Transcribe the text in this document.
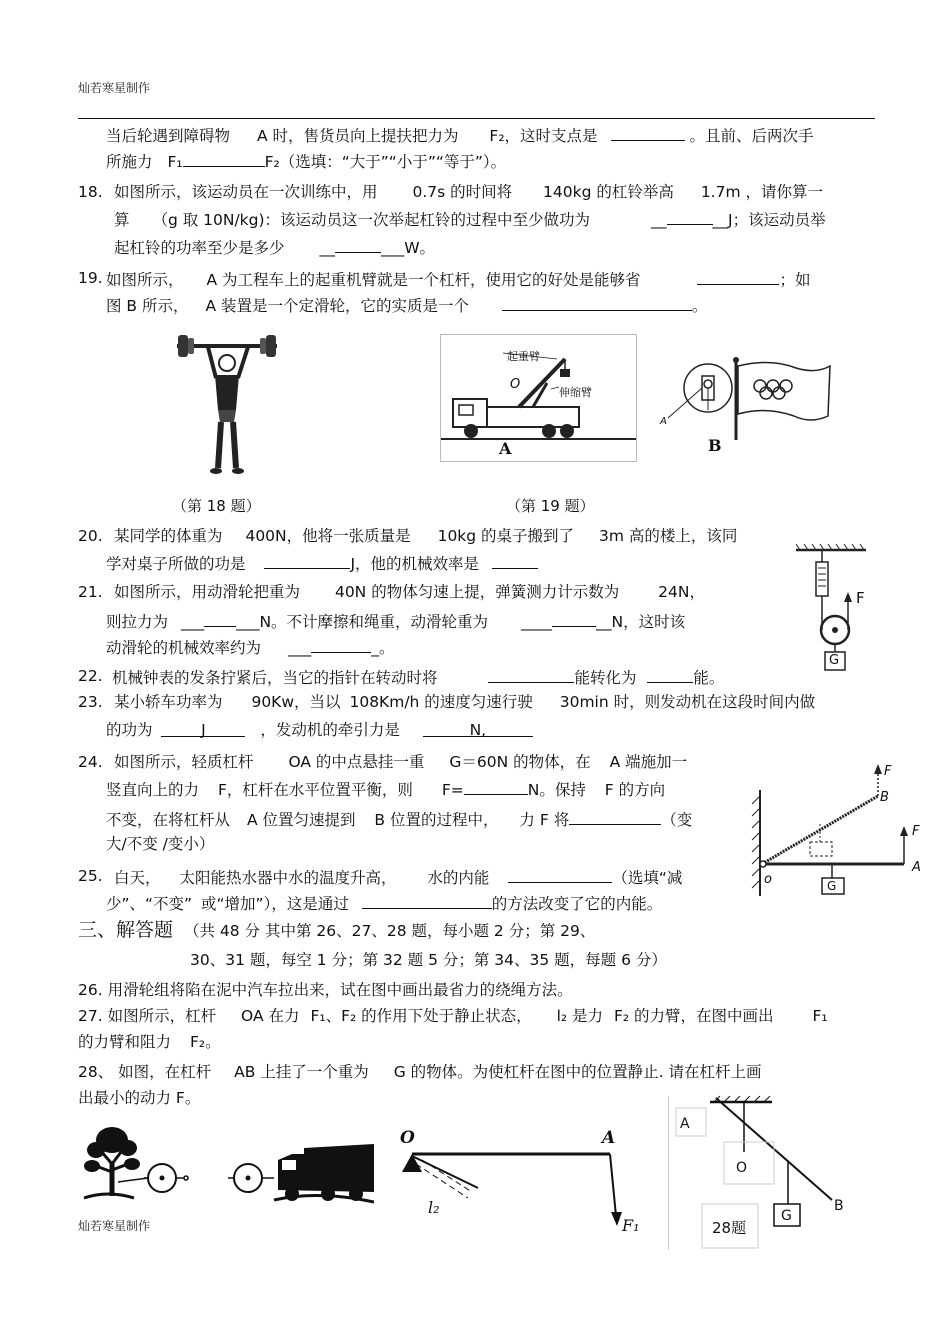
灿若寒星制作
当后轮遇到障碍物 A 时，售货员向上提扶把力为 F₂，这时支点是	。且前、后两次手
所施力 F₁	F₂（选填：“大于”“小于”“等于”）。
18. 如图所示，该运动员在一次训练中，用 0.7s 的时间将 140kg 的杠铃举高 1.7m ，请你算一
算 （g 取 10N/kg)：该运动员这一次举起杠铃的过程中至少做功为	__	__J；该运动员举
起杠铃的功率至少是多少 __	___W。
19. 如图所示， A 为工程车上的起重机臂就是一个杠杆，使用它的好处是能够省	；如
图 B 所示， A 装置是一个定滑轮，它的实质是一个	。
起重臂
伸缩臂
O
A
A
B
（第 18 题）	（第 19 题）
20. 某同学的体重为 400N，他将一张质量是 10kg 的桌子搬到了 3m 高的楼上，该同
学对桌子所做的功是	J，他的机械效率是
21. 如图所示，用动滑轮把重为 40N 的物体匀速上提，弹簧测力计示数为	24N，
则拉力为 ___ ___N。不计摩擦和绳重，动滑轮重为 ____	__N，这时该
动滑轮的机械效率约为 ___	_。
F
G
22. 机械钟表的发条拧紧后，当它的指针在转动时将	能转化为	能。
23. 某小轿车功率为 90Kw，当以 108Km/h 的速度匀速行驶 30min 时，则发动机在这段时间内做
的功为	J	，发动机的牵引力是	N,
24. 如图所示，轻质杠杆 OA 的中点悬挂一重 G＝60N 的物体，在 A 端施加一
竖直向上的力 F，杠杆在水平位置平衡，则 F=	N。保持 F 的方向
不变，在将杠杆从 A 位置匀速提到 B 位置的过程中， 力 F 将	（变
大/不变 /变小）
F
B
F
A
o	G
25. 白天， 太阳能热水器中水的温度升高， 水的内能	（选填“减
少”、“不变” 或“增加”），这是通过	的方法改变了它的内能。
三、解答题 （共 48 分 其中第 26、27、28 题，每小题 2 分；第 29、
30、31 题，每空 1 分；第 32 题 5 分；第 34、35 题，每题 6 分）
26. 用滑轮组将陷在泥中汽车拉出来，试在图中画出最省力的绕绳方法。
27. 如图所示，杠杆 OA 在力 F₁、F₂ 的作用下处于静止状态， l₂ 是力 F₂ 的力臂，在图中画出	F₁
的力臂和阻力 F₂。
28、 如图，在杠杆 AB 上挂了一个重为 G 的物体。为使杠杆在图中的位置静止. 请在杠杆上画
出最小的动力 F。
O	A
l₂
F₁
A
O
B
G
28题
灿若寒星制作
